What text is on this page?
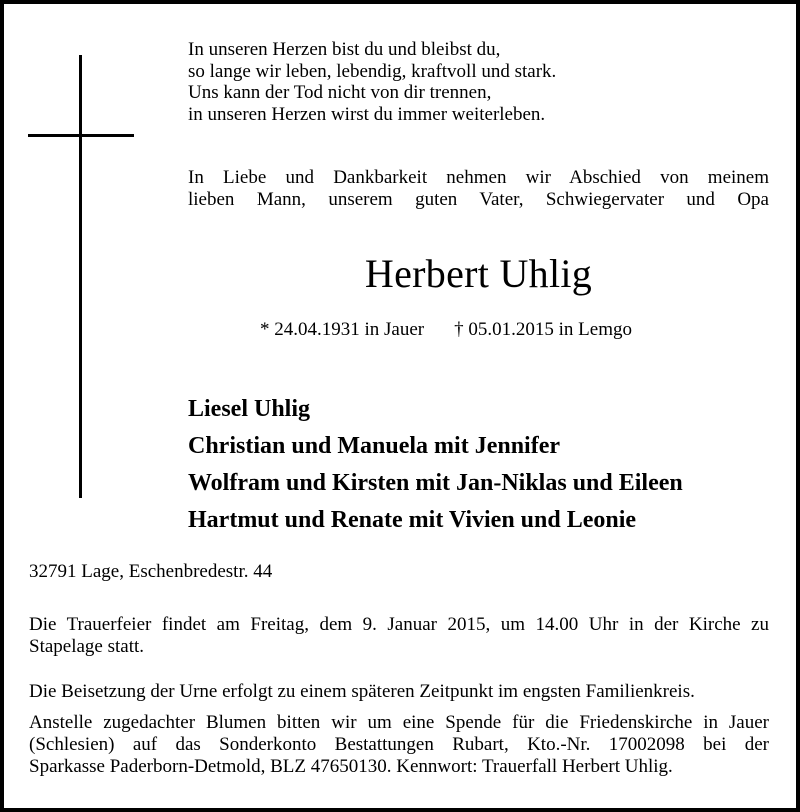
In unseren Herzen bist du und bleibst du,
so lange wir leben, lebendig, kraftvoll und stark.
Uns kann der Tod nicht von dir trennen,
in unseren Herzen wirst du immer weiterleben.
In Liebe und Dankbarkeit nehmen wir Abschied von meinem
lieben Mann, unserem guten Vater, Schwiegervater und Opa
Herbert Uhlig
* 24.04.1931 in Jauer † 05.01.2015 in Lemgo
Liesel Uhlig
Christian und Manuela mit Jennifer
Wolfram und Kirsten mit Jan-Niklas und Eileen
Hartmut und Renate mit Vivien und Leonie
32791 Lage, Eschenbredestr. 44
Die Trauerfeier findet am Freitag, dem 9. Januar 2015, um 14.00 Uhr in der Kirche zu
Stapelage statt.
Die Beisetzung der Urne erfolgt zu einem späteren Zeitpunkt im engsten Familienkreis.
Anstelle zugedachter Blumen bitten wir um eine Spende für die Friedenskirche in Jauer
(Schlesien) auf das Sonderkonto Bestattungen Rubart, Kto.-Nr. 17002098 bei der
Sparkasse Paderborn-Detmold, BLZ 47650130. Kennwort: Trauerfall Herbert Uhlig.
